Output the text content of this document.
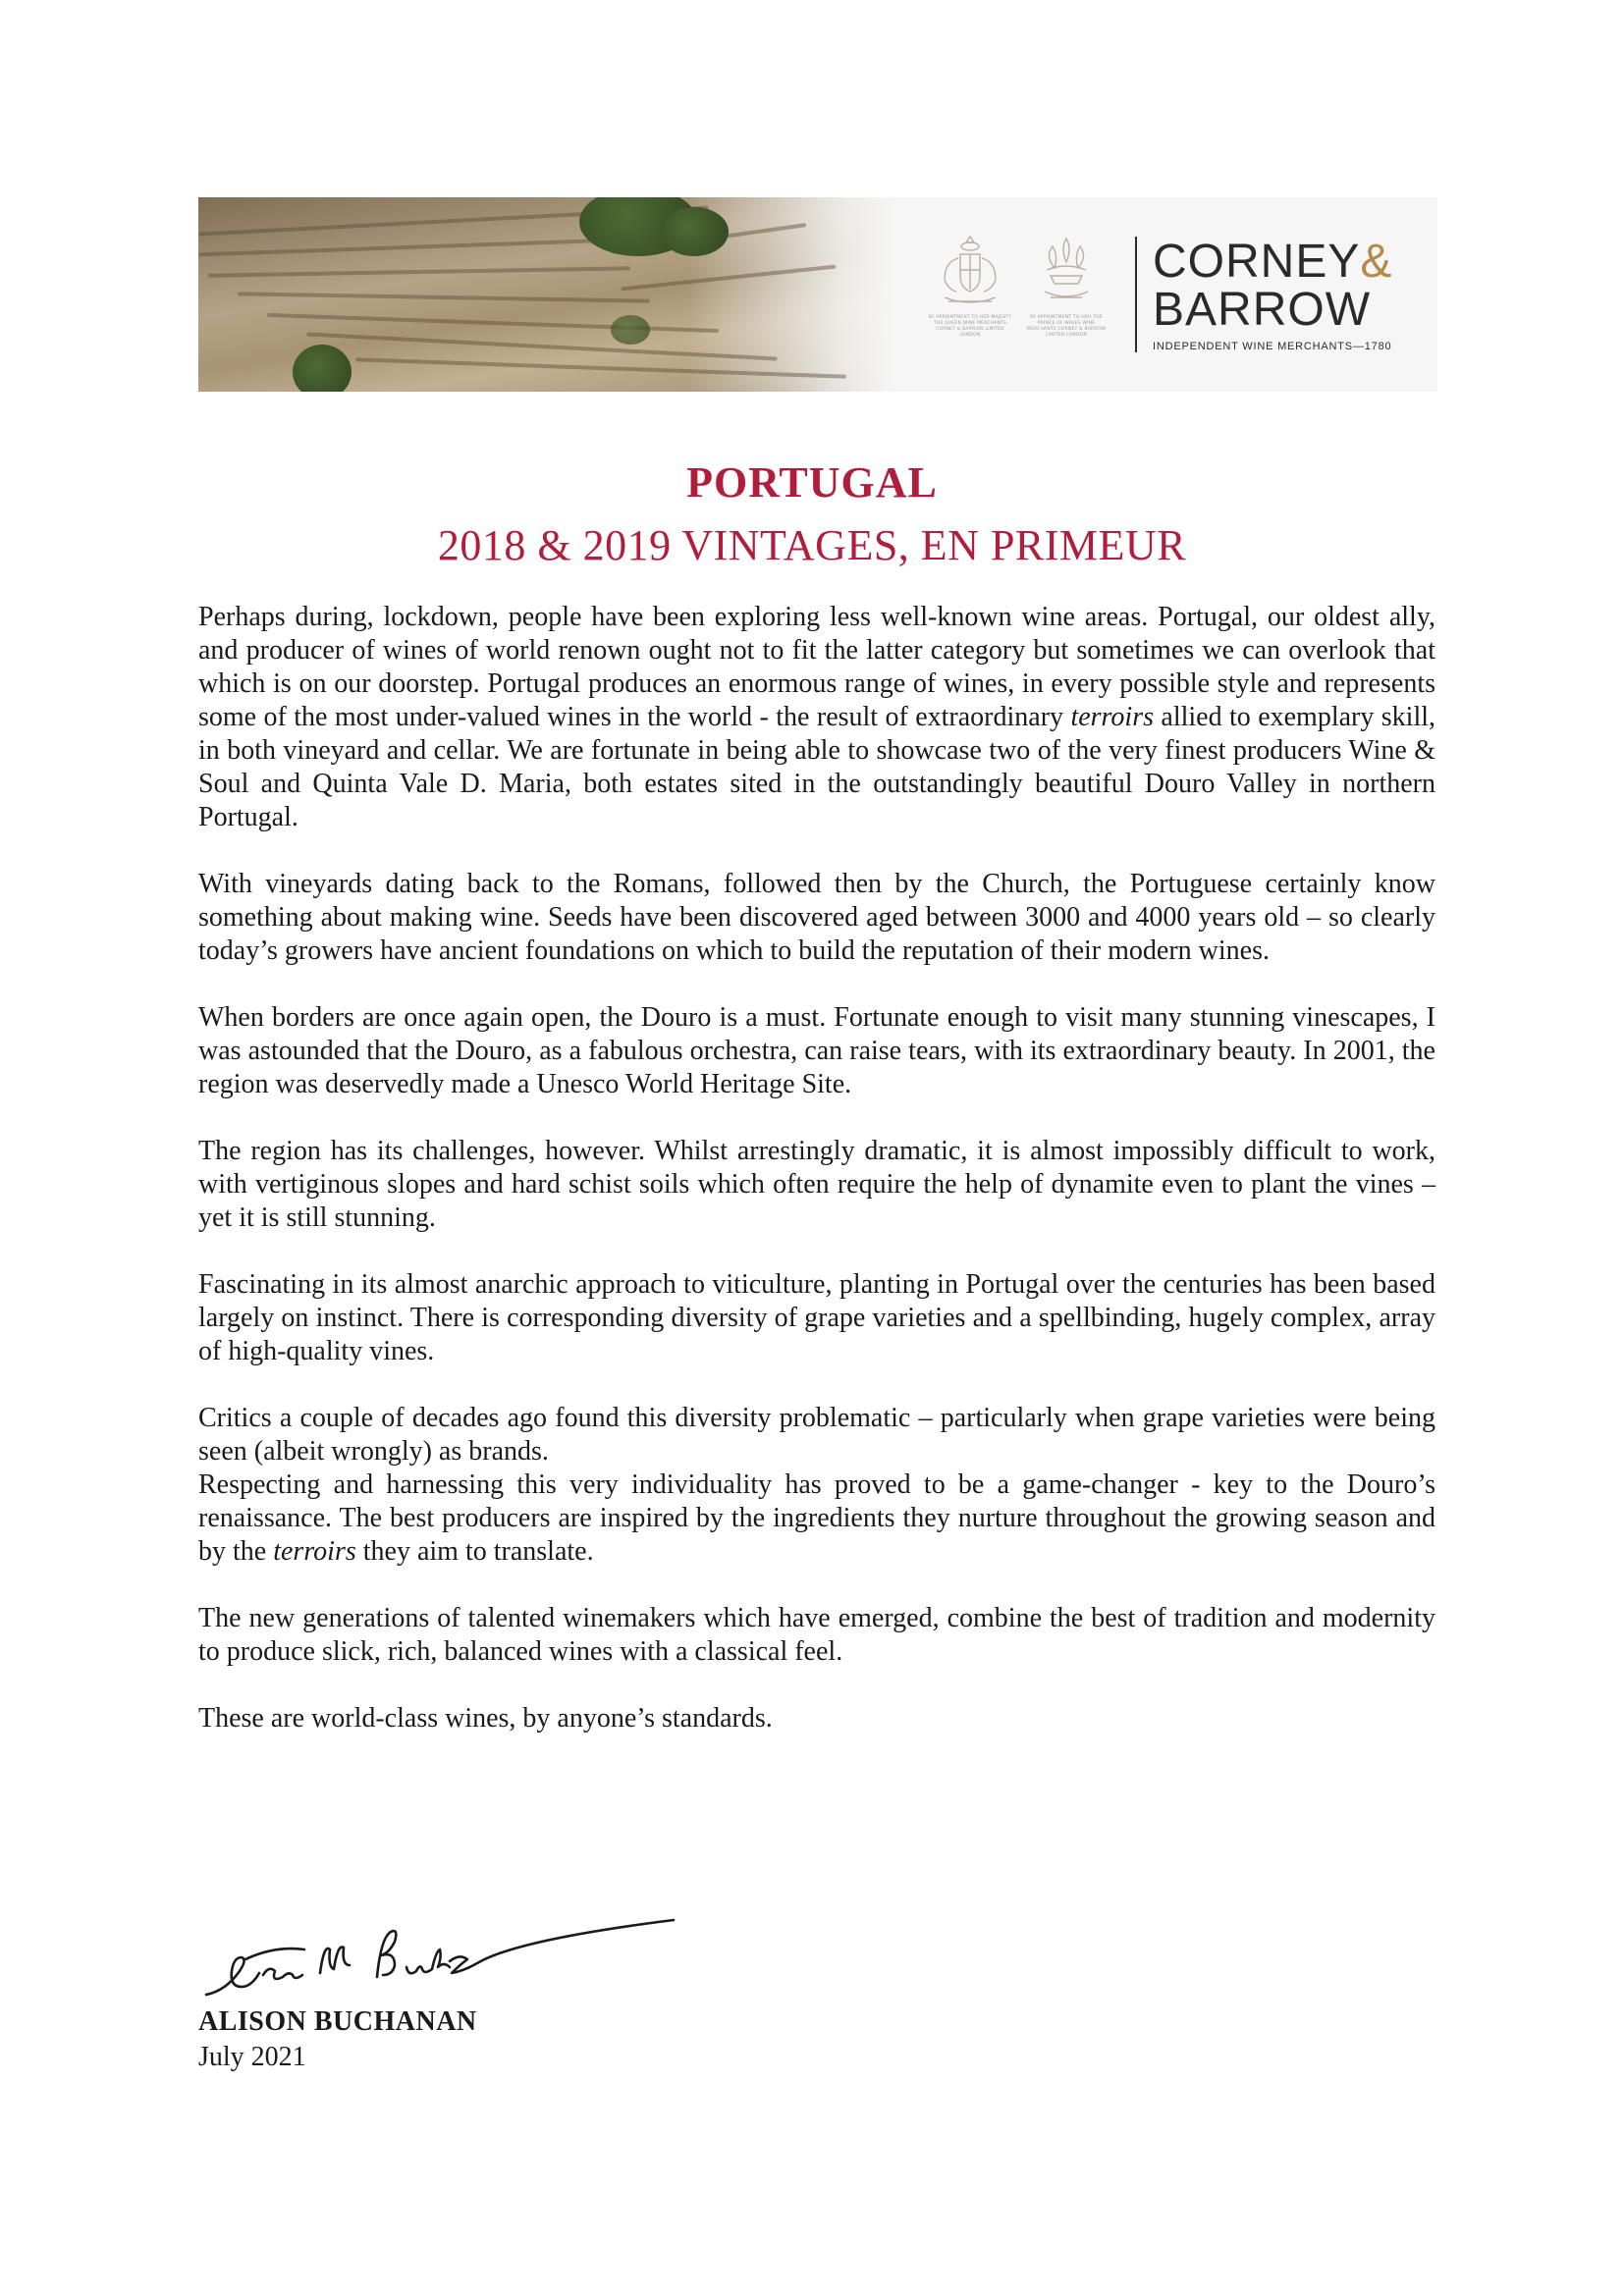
BY APPOINTMENT TO HER MAJESTY THE QUEEN WINE MERCHANTS CORNEY & BARROW LIMITED LONDON
BY APPOINTMENT TO HRH THE PRINCE OF WALES WINE MERCHANTS CORNEY & BARROW LIMITED LONDON
CORNEY&
BARROW
INDEPENDENT WINE MERCHANTS—1780
PORTUGAL
2018 & 2019 VINTAGES, EN PRIMEUR

Perhaps during, lockdown, people have been exploring less well-known wine areas. Portugal, our oldest ally, and producer of wines of world renown ought not to fit the latter category but sometimes we can overlook that which is on our doorstep. Portugal produces an enormous range of wines, in every possible style and represents some of the most under-valued wines in the world - the result of extraordinary terroirs allied to exemplary skill, in both vineyard and cellar. We are fortunate in being able to showcase two of the very finest producers Wine & Soul and Quinta Vale D. Maria, both estates sited in the outstandingly beautiful Douro Valley in northern Portugal.

With vineyards dating back to the Romans, followed then by the Church, the Portuguese certainly know something about making wine. Seeds have been discovered aged between 3000 and 4000 years old – so clearly today’s growers have ancient foundations on which to build the reputation of their modern wines.

When borders are once again open, the Douro is a must. Fortunate enough to visit many stunning vinescapes, I was astounded that the Douro, as a fabulous orchestra, can raise tears, with its extraordinary beauty. In 2001, the region was deservedly made a Unesco World Heritage Site.

The region has its challenges, however. Whilst arrestingly dramatic, it is almost impossibly difficult to work, with vertiginous slopes and hard schist soils which often require the help of dynamite even to plant the vines – yet it is still stunning.

Fascinating in its almost anarchic approach to viticulture, planting in Portugal over the centuries has been based largely on instinct. There is corresponding diversity of grape varieties and a spellbinding, hugely complex, array of high-quality vines.

Critics a couple of decades ago found this diversity problematic – particularly when grape varieties were being seen (albeit wrongly) as brands.

Respecting and harnessing this very individuality has proved to be a game-changer - key to the Douro’s renaissance. The best producers are inspired by the ingredients they nurture throughout the growing season and by the terroirs they aim to translate.

The new generations of talented winemakers which have emerged, combine the best of tradition and modernity to produce slick, rich, balanced wines with a classical feel.

These are world-class wines, by anyone’s standards.

ALISON BUCHANAN
July 2021
